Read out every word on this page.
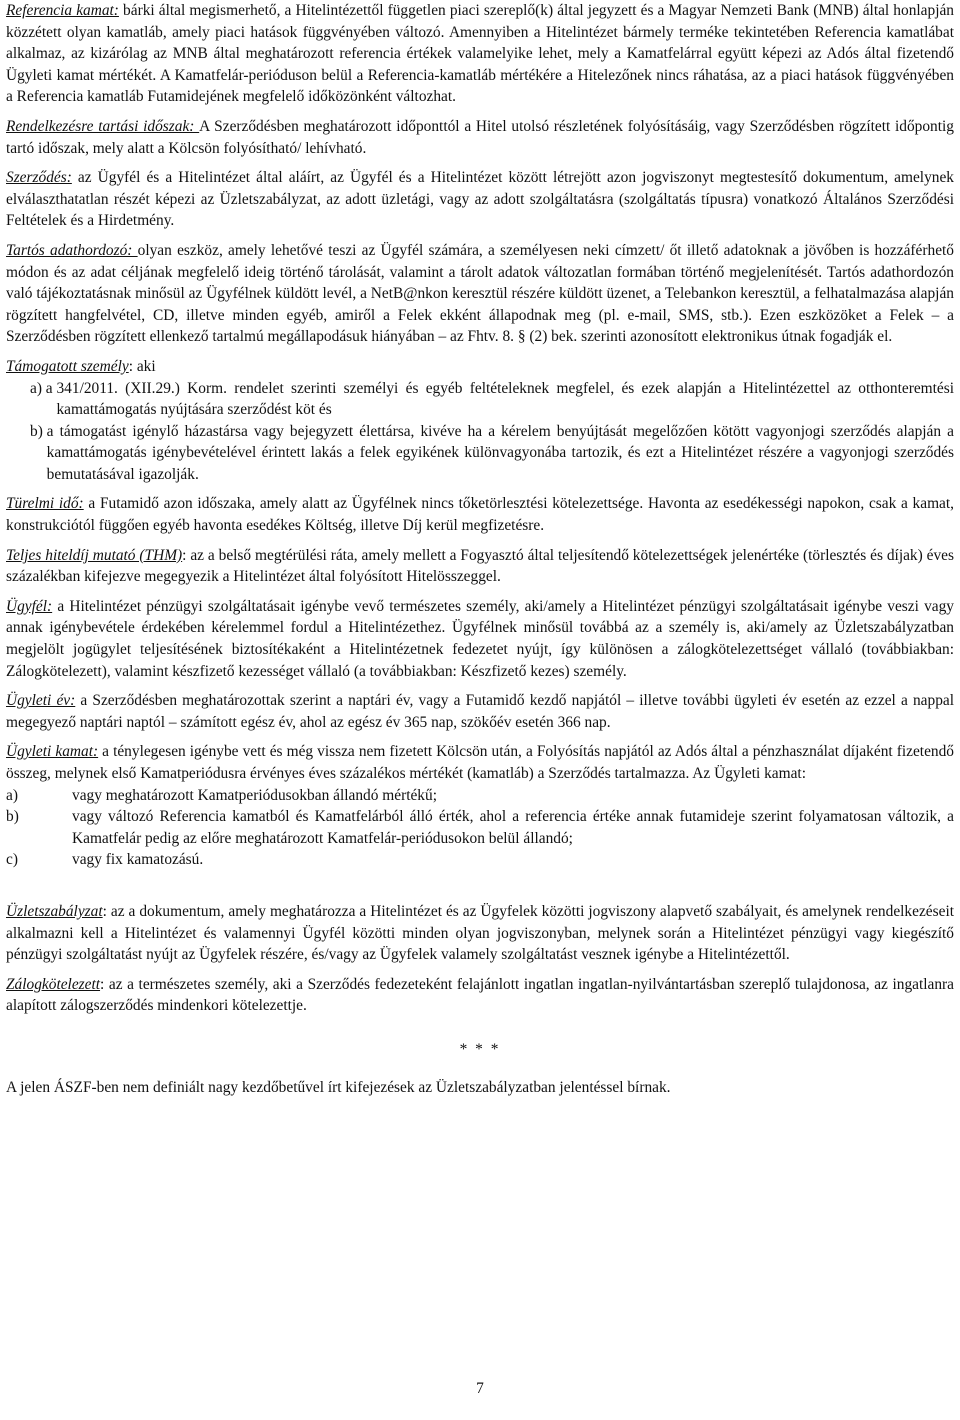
Referencia kamat: bárki által megismerhető, a Hitelintézettől független piaci szereplő(k) által jegyzett és a Magyar Nemzeti Bank (MNB) által honlapján közzétett olyan kamatláb, amely piaci hatások függvényében változó. Amennyiben a Hitelintézet bármely terméke tekintetében Referencia kamatlábat alkalmaz, az kizárólag az MNB által meghatározott referencia értékek valamelyike lehet, mely a Kamatfelárral együtt képezi az Adós által fizetendő Ügyleti kamat mértékét. A Kamatfelár-perióduson belül a Referencia-kamatláb mértékére a Hitelezőnek nincs ráhatása, az a piaci hatások függvényében a Referencia kamatláb Futamidejének megfelelő időközönként változhat.

Rendelkezésre tartási időszak: A Szerződésben meghatározott időponttól a Hitel utolsó részletének folyósításáig, vagy Szerződésben rögzített időpontig tartó időszak, mely alatt a Kölcsön folyósítható/ lehívható.

Szerződés: az Ügyfél és a Hitelintézet által aláírt, az Ügyfél és a Hitelintézet között létrejött azon jogviszonyt megtestesítő dokumentum, amelynek elválaszthatatlan részét képezi az Üzletszabályzat, az adott üzletági, vagy az adott szolgáltatásra (szolgáltatás típusra) vonatkozó Általános Szerződési Feltételek és a Hirdetmény.

Tartós adathordozó: olyan eszköz, amely lehetővé teszi az Ügyfél számára, a személyesen neki címzett/ őt illető adatoknak a jövőben is hozzáférhető módon és az adat céljának megfelelő ideig történő tárolását, valamint a tárolt adatok változatlan formában történő megjelenítését. Tartós adathordozón való tájékoztatásnak minősül az Ügyfélnek küldött levél, a NetB@nkon keresztül részére küldött üzenet, a Telebankon keresztül, a felhatalmazása alapján rögzített hangfelvétel, CD, illetve minden egyéb, amiről a Felek ekként állapodnak meg (pl. e-mail, SMS, stb.). Ezen eszközöket a Felek – a Szerződésben rögzített ellenkező tartalmú megállapodásuk hiányában – az Fhtv. 8. § (2) bek. szerinti azonosított elektronikus útnak fogadják el.

Támogatott személy: aki
a) a 341/2011. (XII.29.) Korm. rendelet szerinti személyi és egyéb feltételeknek megfelel, és ezek alapján a Hitelintézettel az otthonteremtési kamattámogatás nyújtására szerződést köt és
b) a támogatást igénylő házastársa vagy bejegyzett élettársa, kivéve ha a kérelem benyújtását megelőzően kötött vagyonjogi szerződés alapján a kamattámogatás igénybevételével érintett lakás a felek egyikének különvagyonába tartozik, és ezt a Hitelintézet részére a vagyonjogi szerződés bemutatásával igazolják.

Türelmi idő: a Futamidő azon időszaka, amely alatt az Ügyfélnek nincs tőketörlesztési kötelezettsége. Havonta az esedékességi napokon, csak a kamat, konstrukciótól függően egyéb havonta esedékes Költség, illetve Díj kerül megfizetésre.

Teljes hiteldíj mutató (THM): az a belső megtérülési ráta, amely mellett a Fogyasztó által teljesítendő kötelezettségek jelenértéke (törlesztés és díjak) éves százalékban kifejezve megegyezik a Hitelintézet által folyósított Hitelösszeggel.

Ügyfél: a Hitelintézet pénzügyi szolgáltatásait igénybe vevő természetes személy, aki/amely a Hitelintézet pénzügyi szolgáltatásait igénybe veszi vagy annak igénybevétele érdekében kérelemmel fordul a Hitelintézethez. Ügyfélnek minősül továbbá az a személy is, aki/amely az Üzletszabályzatban megjelölt jogügylet teljesítésének biztosítékaként a Hitelintézetnek fedezetet nyújt, így különösen a zálogkötelezettséget vállaló (továbbiakban: Zálogkötelezett), valamint készfizető kezességet vállaló (a továbbiakban: Készfizető kezes) személy.

Ügyleti év: a Szerződésben meghatározottak szerint a naptári év, vagy a Futamidő kezdő napjától – illetve további ügyleti év esetén az ezzel a nappal megegyező naptári naptól – számított egész év, ahol az egész év 365 nap, szökőév esetén 366 nap.

Ügyleti kamat: a ténylegesen igénybe vett és még vissza nem fizetett Kölcsön után, a Folyósítás napjától az Adós által a pénzhasználat díjaként fizetendő összeg, melynek első Kamatperiódusra érvényes éves százalékos mértékét (kamatláb) a Szerződés tartalmazza. Az Ügyleti kamat:
a)	vagy meghatározott Kamatperiódusokban állandó mértékű;
b)	vagy változó Referencia kamatból és Kamatfelárból álló érték, ahol a referencia értéke annak futamideje szerint folyamatosan változik, a Kamatfelár pedig az előre meghatározott Kamatfelár-periódusokon belül állandó;
c)	vagy fix kamatozású.

Üzletszabályzat: az a dokumentum, amely meghatározza a Hitelintézet és az Ügyfelek közötti jogviszony alapvető szabályait, és amelynek rendelkezéseit alkalmazni kell a Hitelintézet és valamennyi Ügyfél közötti minden olyan jogviszonyban, melynek során a Hitelintézet pénzügyi vagy kiegészítő pénzügyi szolgáltatást nyújt az Ügyfelek részére, és/vagy az Ügyfelek valamely szolgáltatást vesznek igénybe a Hitelintézettől.

Zálogkötelezett: az a természetes személy, aki a Szerződés fedezeteként felajánlott ingatlan ingatlan-nyilvántartásban szereplő tulajdonosa, az ingatlanra alapított zálogszerződés mindenkori kötelezettje.

* * *

A jelen ÁSZF-ben nem definiált nagy kezdőbetűvel írt kifejezések az Üzletszabályzatban jelentéssel bírnak.

7
